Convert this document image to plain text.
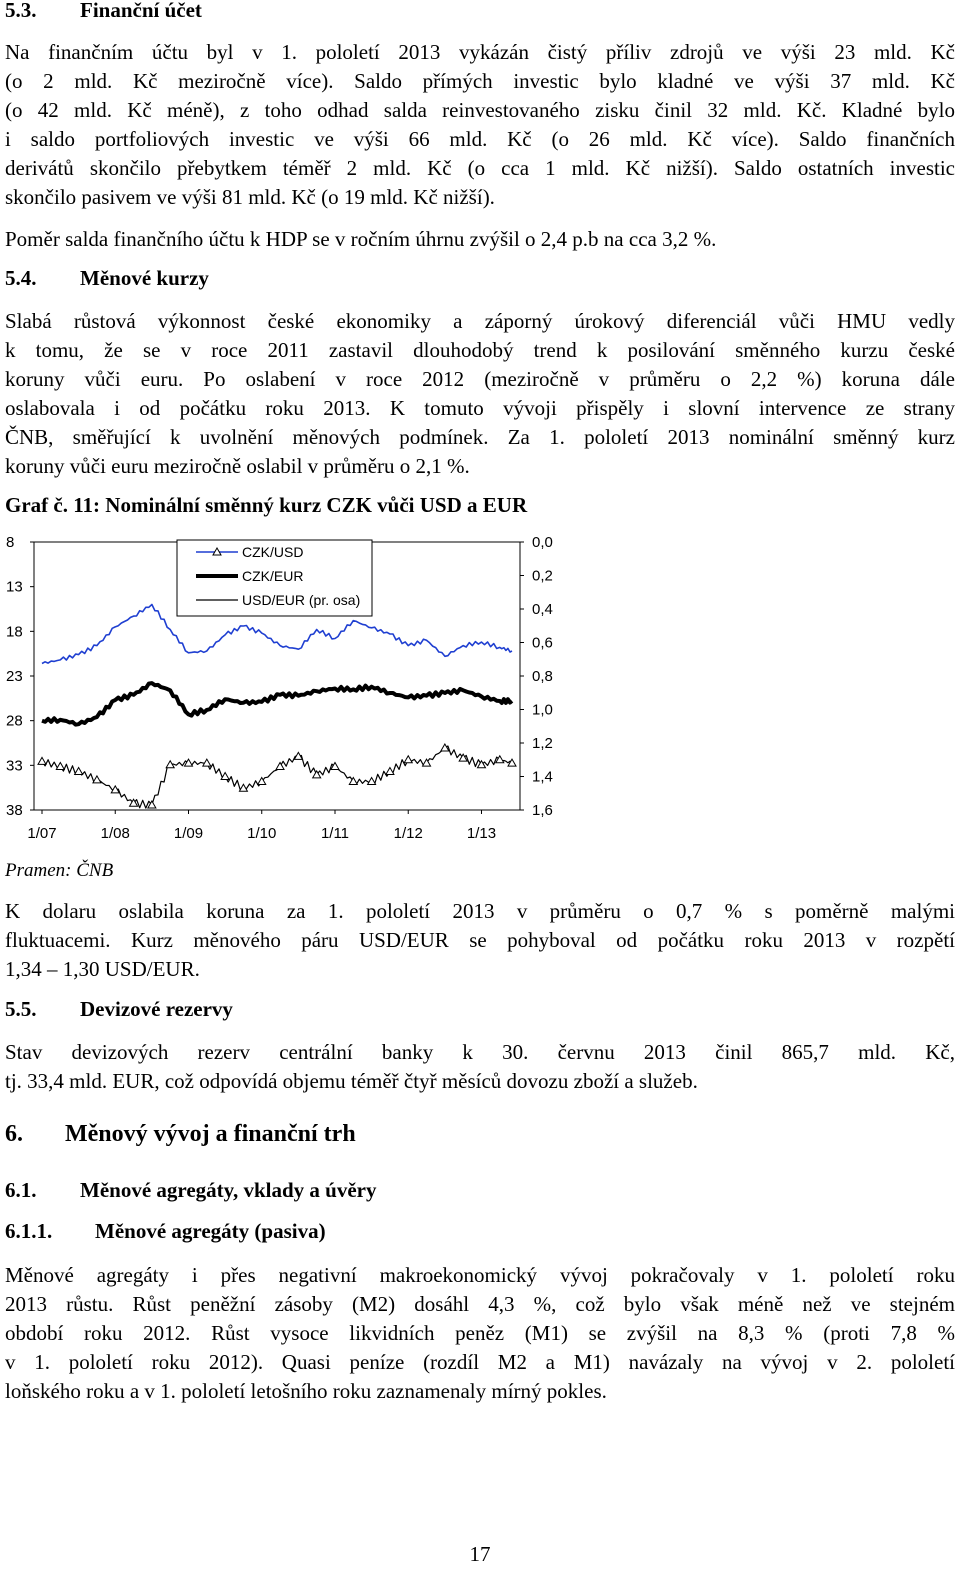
5.3. Finanční účet
Na finančním účtu byl v 1. pololetí 2013 vykázán čistý příliv zdrojů ve výši 23 mld. Kč
(o 2 mld. Kč meziročně více). Saldo přímých investic bylo kladné ve výši 37 mld. Kč
(o 42 mld. Kč méně), z toho odhad salda reinvestovaného zisku činil 32 mld. Kč. Kladné bylo
i saldo portfoliových investic ve výši 66 mld. Kč (o 26 mld. Kč více). Saldo finančních
derivátů skončilo přebytkem téměř 2 mld. Kč (o cca 1 mld. Kč nižší). Saldo ostatních investic
skončilo pasivem ve výši 81 mld. Kč (o 19 mld. Kč nižší).
Poměr salda finančního účtu k HDP se v ročním úhrnu zvýšil o 2,4 p.b na cca 3,2 %.
5.4. Měnové kurzy
Slabá růstová výkonnost české ekonomiky a záporný úrokový diferenciál vůči HMU vedly
k tomu, že se v roce 2011 zastavil dlouhodobý trend k posilování směnného kurzu české
koruny vůči euru. Po oslabení v roce 2012 (meziročně v průměru o 2,2 %) koruna dále
oslabovala i od počátku roku 2013. K tomuto vývoji přispěly i slovní intervence ze strany
ČNB, směřující k uvolnění měnových podmínek. Za 1. pololetí 2013 nominální směnný kurz
koruny vůči euru meziročně oslabil v průměru o 2,1 %.
Graf č. 11: Nominální směnný kurz CZK vůči USD a EUR
8
13
18
23
28
33
38
0,0
0,2
0,4
0,6
0,8
1,0
1,2
1,4
1,6
1/07	1/08	1/09	1/10	1/11	1/12	1/13
CZK/USD
CZK/EUR
USD/EUR (pr. osa)
Pramen: ČNB
K dolaru oslabila koruna za 1. pololetí 2013 v průměru o 0,7 % s poměrně malými
fluktuacemi. Kurz měnového páru USD/EUR se pohyboval od počátku roku 2013 v rozpětí
1,34 – 1,30 USD/EUR.
5.5. Devizové rezervy
Stav devizových rezerv centrální banky k 30. červnu 2013 činil 865,7 mld. Kč,
tj. 33,4 mld. EUR, což odpovídá objemu téměř čtyř měsíců dovozu zboží a služeb.
6. Měnový vývoj a finanční trh
6.1. Měnové agregáty, vklady a úvěry
6.1.1. Měnové agregáty (pasiva)
Měnové agregáty i přes negativní makroekonomický vývoj pokračovaly v 1. pololetí roku
2013 růstu. Růst peněžní zásoby (M2) dosáhl 4,3 %, což bylo však méně než ve stejném
období roku 2012. Růst vysoce likvidních peněz (M1) se zvýšil na 8,3 % (proti 7,8 %
v 1. pololetí roku 2012). Quasi peníze (rozdíl M2 a M1) navázaly na vývoj v 2. pololetí
loňského roku a v 1. pololetí letošního roku zaznamenaly mírný pokles.
17
